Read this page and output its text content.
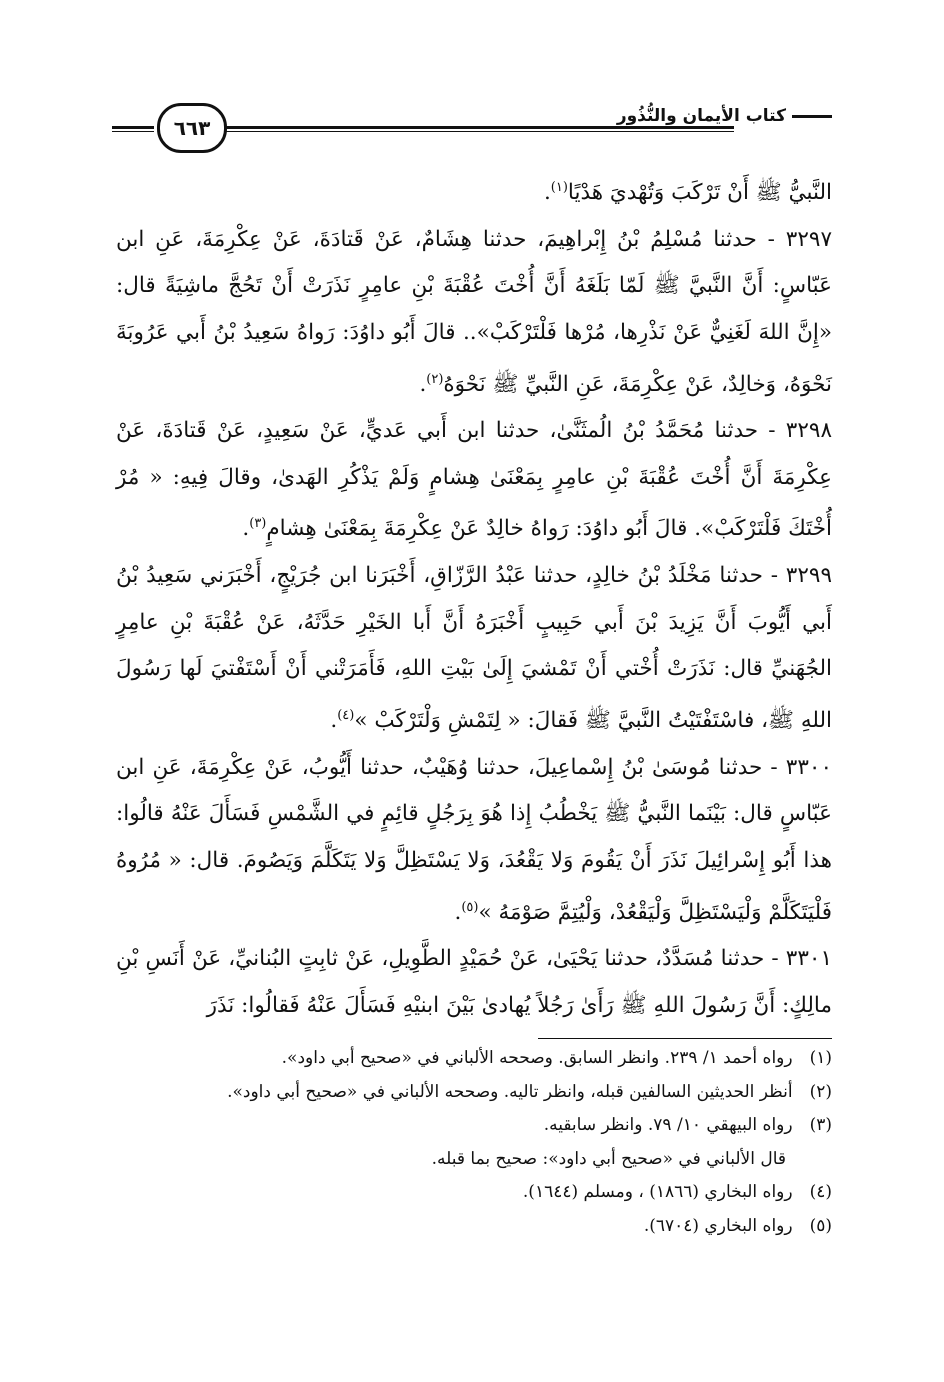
٦٦٣	كتاب الأيمان والنُّذُور

النَّبيُّ ﷺ أَنْ تَرْكَبَ وَتُهْديَ هَدْيًا$^{(١)}$.

٣٢٩٧ - حدثنا مُسْلِمُ بْنُ إِبْراهِيمَ، حدثنا هِشَامٌ، عَنْ قَتادَةَ، عَنْ عِكْرِمَةَ، عَنِ ابن عَبّاسٍ: أَنَّ النَّبيَّ ﷺ لَمّا بَلَغَهُ أَنَّ أُخْتَ عُقْبَةَ بْنِ عامِرٍ نَذَرَتْ أَنْ تَحُجَّ ماشِيَةً قال: «إِنَّ اللهَ لَغَنِيٌّ عَنْ نَذْرِها، مُرْها فَلْتَرْكَبْ».. قالَ أَبُو داوُدَ: رَواهُ سَعِيدُ بْنُ أَبي عَرُوبَةَ نَحْوَهُ، وَخالِدٌ، عَنْ عِكْرِمَةَ، عَنِ النَّبيِّ ﷺ نَحْوَهُ$^{(٢)}$.

٣٢٩٨ - حدثنا مُحَمَّدُ بْنُ الُمثَنَّىٰ، حدثنا ابن أَبي عَديٍّ، عَنْ سَعِيدٍ، عَنْ قَتادَةَ، عَنْ عِكْرِمَةَ أَنَّ أُخْتَ عُقْبَةَ بْنِ عامِرٍ بِمَعْنَىٰ هِشامٍ وَلَمْ يَذْكُرِ الهَدىٰ، وقالَ فِيهِ: « مُرْ أُخْتَكَ فَلْتَرْكَبْ». قالَ أَبُو داوُدَ: رَواهُ خالِدٌ عَنْ عِكْرِمَةَ بِمَعْنَىٰ هِشامٍ$^{(٣)}$.

٣٢٩٩ - حدثنا مَخْلَدُ بْنُ خالِدٍ، حدثنا عَبْدُ الرَّزّاقِ، أَخْبَرَنا ابن جُرَيْجٍ، أَخْبَرَني سَعِيدُ بْنُ أَبي أَيُّوبَ أَنَّ يَزِيدَ بْنَ أَبي حَبِيبٍ أَخْبَرَهُ أَنَّ أَبا الخَيْرِ حَدَّثَهُ، عَنْ عُقْبَةَ بْنِ عامِرٍ الجُهَنيِّ قال: نَذَرَتْ أُخْتي أَنْ تَمْشيَ إِلَىٰ بَيْتِ اللهِ، فَأَمَرَتْني أَنْ أَسْتَفْتيَ لَها رَسُولَ اللهِ ﷺ، فاسْتَفْتَيْتُ النَّبيَّ ﷺ فَقالَ: « لِتَمْشِ وَلْتَرْكَبْ »$^{(٤)}$.

٣٣٠٠ - حدثنا مُوسَىٰ بْنُ إِسْماعِيلَ، حدثنا وُهَيْبٌ، حدثنا أَيُّوبُ، عَنْ عِكْرِمَةَ، عَنِ ابن عَبّاسٍ قال: بَيْنَما النَّبيُّ ﷺ يَخْطُبُ إِذا هُوَ بِرَجُلٍ قائِمٍ في الشَّمْسِ فَسَأَلَ عَنْهُ قالُوا: هذا أَبُو إِسْرائِيلَ نَذَرَ أَنْ يَقُومَ وَلا يَقْعُدَ، وَلا يَسْتَظِلَّ وَلا يَتَكَلَّمَ وَيَصُومَ. قال: « مُرُوهُ فَلْيَتَكَلَّمْ وَلْيَسْتَظِلَّ وَلْيَقْعُدْ، وَلْيُتِمَّ صَوْمَهُ »$^{(٥)}$.

٣٣٠١ - حدثنا مُسَدَّدٌ، حدثنا يَحْيَىٰ، عَنْ حُمَيْدٍ الطَّوِيلِ، عَنْ ثابِتٍ البُنانيِّ، عَنْ أَنَسِ بْنِ مالِكٍ: أَنَّ رَسُولَ اللهِ ﷺ رَأَىٰ رَجُلاً يُهادىٰ بَيْنَ ابنيْهِ فَسَأَلَ عَنْهُ فَقالُوا: نَذَرَ

(١) رواه أحمد ١/ ٢٣٩. وانظر السابق. وصححه الألباني في «صحيح أبي داود».

(٢) أنظر الحديثين السالفين قبله، وانظر تاليه. وصححه الألباني في «صحيح أبي داود».

(٣) رواه البيهقي ١٠/ ٧٩. وانظر سابقيه.

قال الألباني في «صحيح أبي داود»: صحيح بما قبله.

(٤) رواه البخاري (١٨٦٦) ، ومسلم (١٦٤٤).

(٥) رواه البخاري (٦٧٠٤).
